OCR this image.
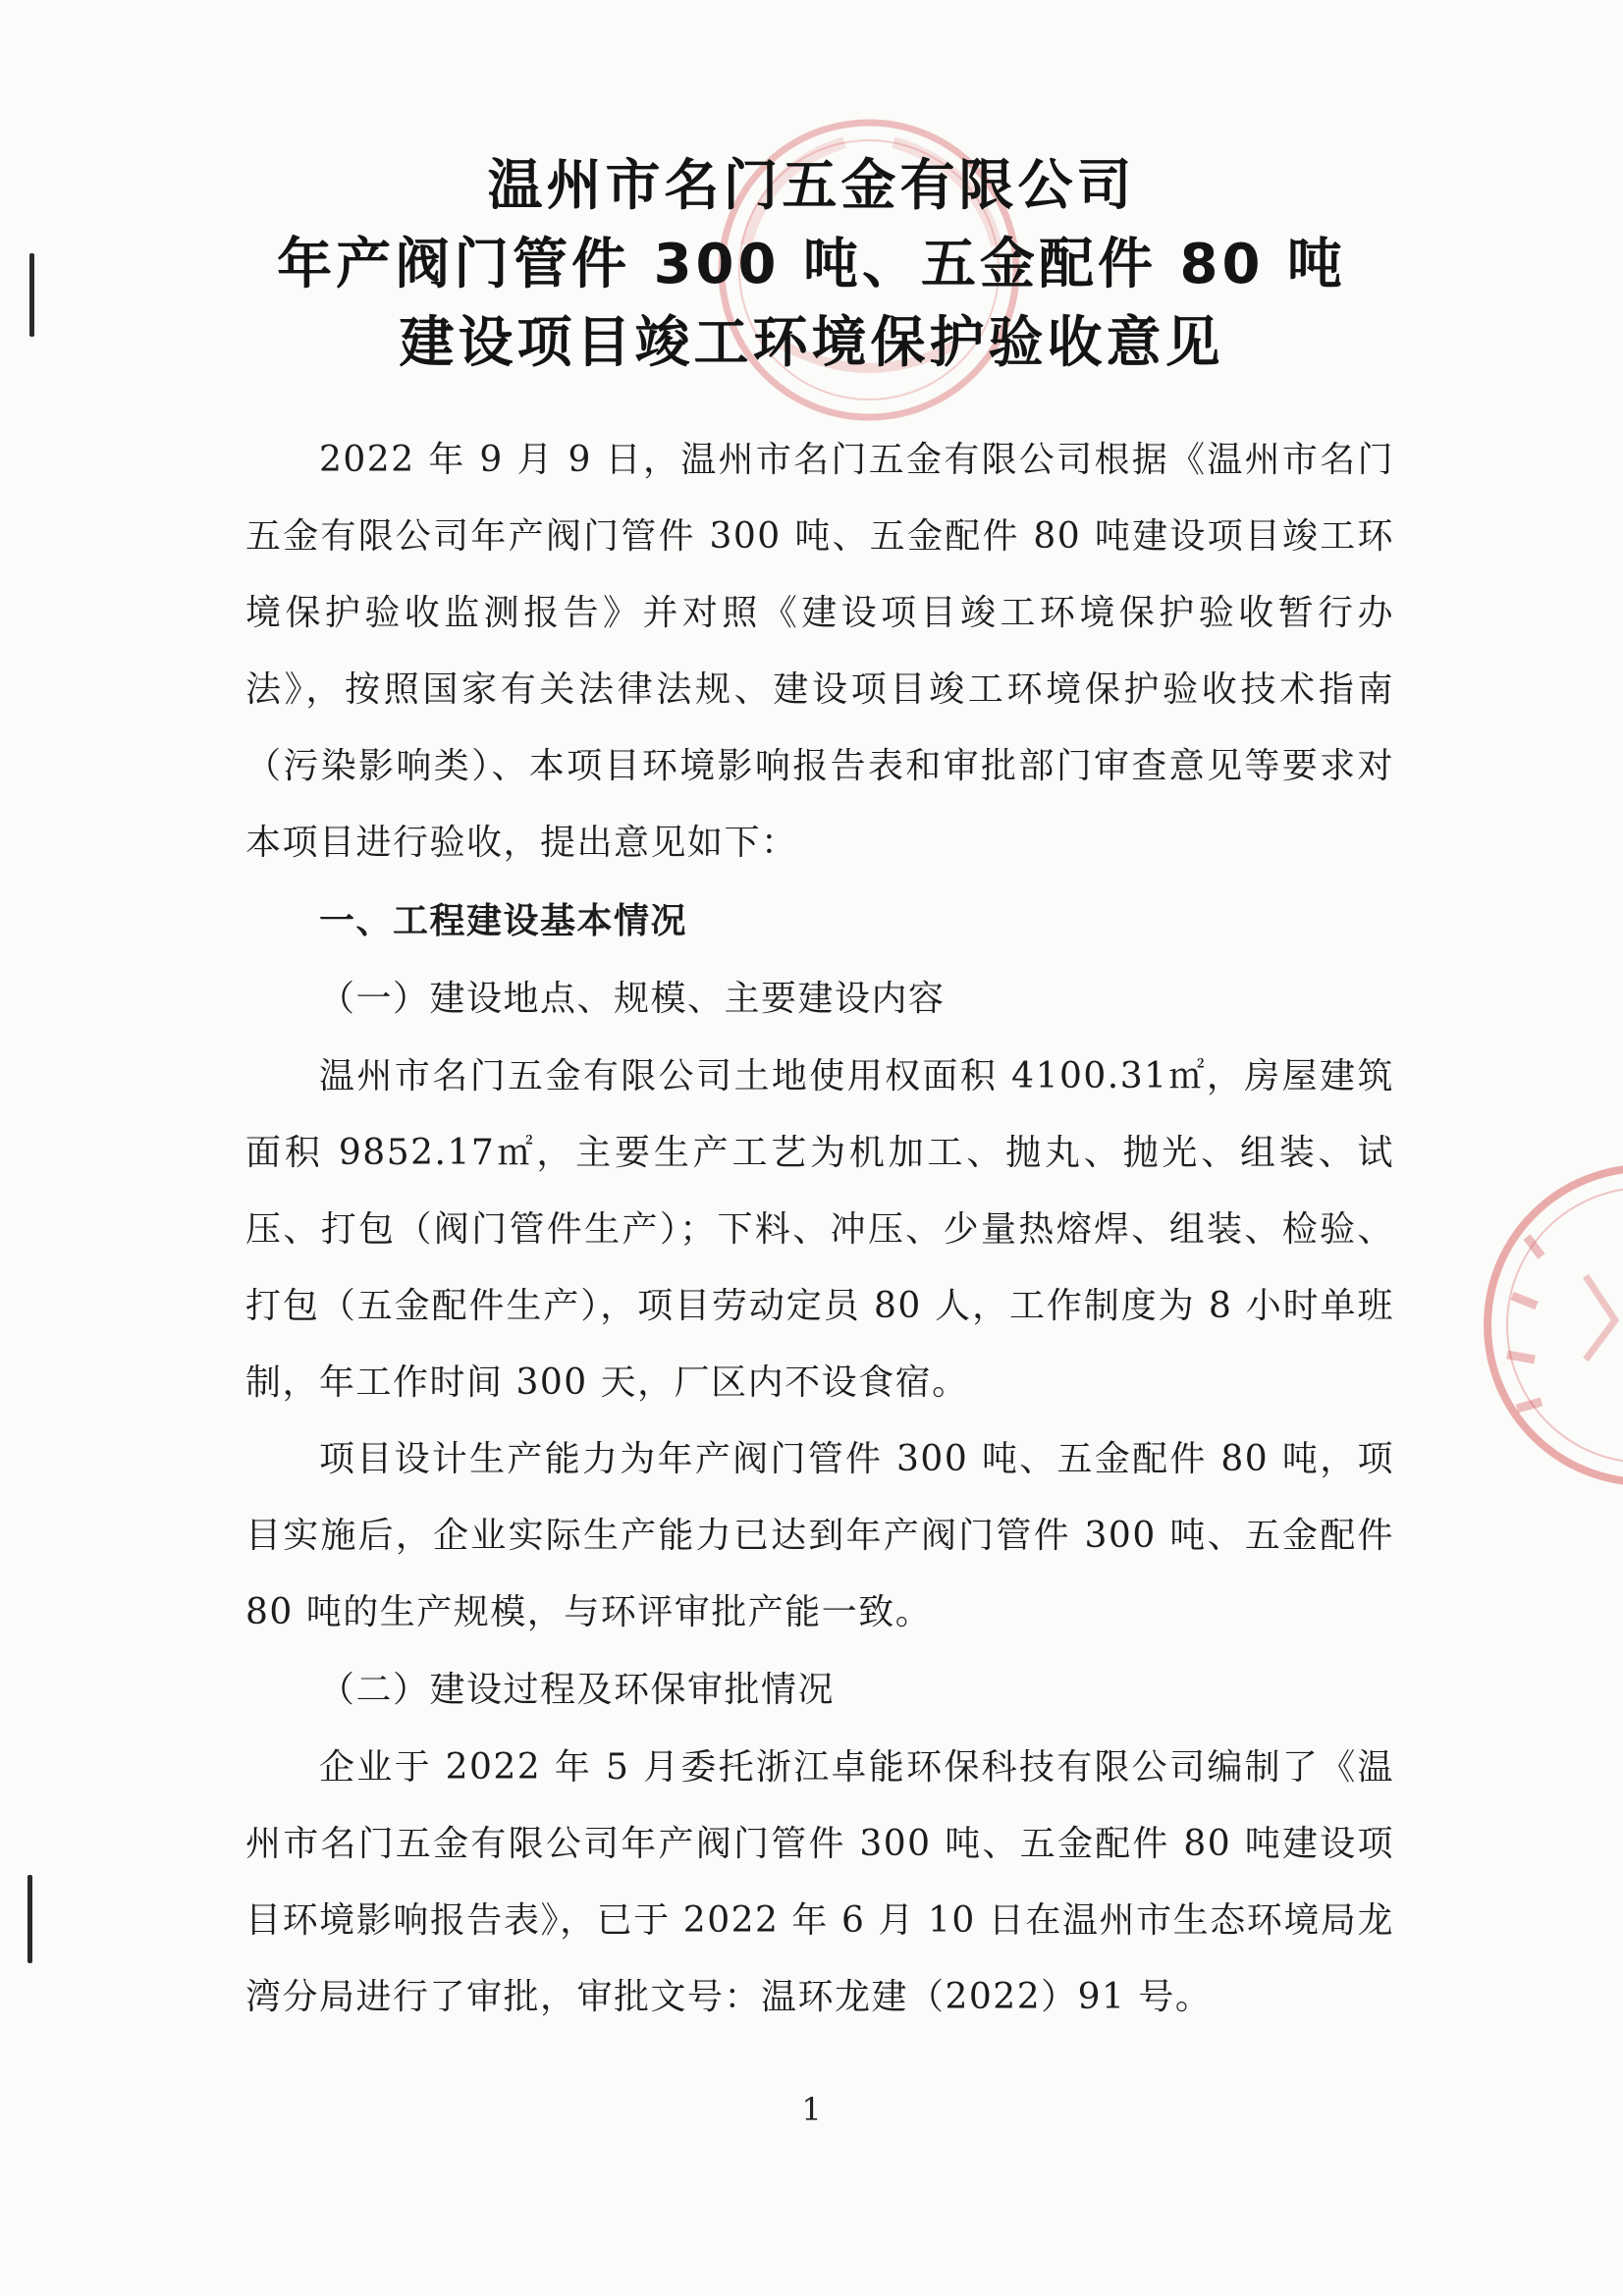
温州市名门五金有限公司
年产阀门管件 300 吨、五金配件 80 吨
建设项目竣工环境保护验收意见

2022 年 9 月 9 日，温州市名门五金有限公司根据《温州市名门五金有限公司年产阀门管件 300 吨、五金配件 80 吨建设项目竣工环境保护验收监测报告》并对照《建设项目竣工环境保护验收暂行办法》，按照国家有关法律法规、建设项目竣工环境保护验收技术指南（污染影响类）、本项目环境影响报告表和审批部门审查意见等要求对本项目进行验收，提出意见如下：

一、工程建设基本情况

（一）建设地点、规模、主要建设内容

温州市名门五金有限公司土地使用权面积 4100.31㎡，房屋建筑面积 9852.17㎡，主要生产工艺为机加工、抛丸、抛光、组装、试压、打包（阀门管件生产）；下料、冲压、少量热熔焊、组装、检验、打包（五金配件生产），项目劳动定员 80 人，工作制度为 8 小时单班制，年工作时间 300 天，厂区内不设食宿。

项目设计生产能力为年产阀门管件 300 吨、五金配件 80 吨，项目实施后，企业实际生产能力已达到年产阀门管件 300 吨、五金配件 80 吨的生产规模，与环评审批产能一致。

（二）建设过程及环保审批情况

企业于 2022 年 5 月委托浙江卓能环保科技有限公司编制了《温州市名门五金有限公司年产阀门管件 300 吨、五金配件 80 吨建设项目环境影响报告表》，已于 2022 年 6 月 10 日在温州市生态环境局龙湾分局进行了审批，审批文号：温环龙建（2022）91 号。

1
